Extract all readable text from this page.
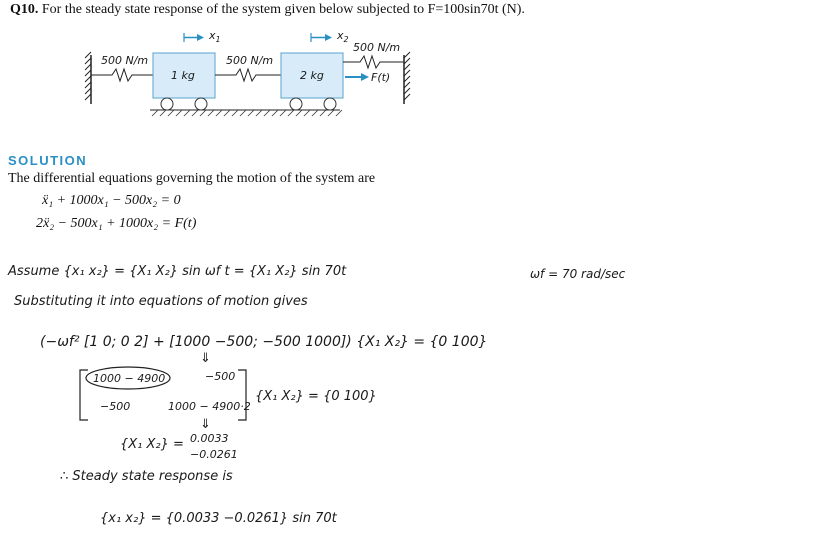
Q10. For the steady state response of the system given below subjected to F=100sin70t (N).
$x_1$	$x_2$
500 N/m	500 N/m
500 N/m
1 kg	2 kg	F(t)
SOLUTION
The differential equations governing the motion of the system are
ẍ₁ + 1000x₁ − 500x₂ = 0
2ẍ₂ − 500x₁ + 1000x₂ = F(t)
Assume {x₁ x₂} = {X₁ X₂} sin ωf t = {X₁ X₂} sin 70t	ωf = 70 rad/sec
Substituting it into equations of motion gives
(−ωf² [1 0; 0 2] + [1000 −500; −500 1000]) {X₁ X₂} = {0 100}
1000 − 4900	−500
−500	1000 − 4900·2
⇓
{X₁ X₂} = {0 100}
⇓
{X₁ X₂} = 0.0033
−0.0261
∴ Steady state response is
{x₁ x₂} = {0.0033 −0.0261} sin 70t
